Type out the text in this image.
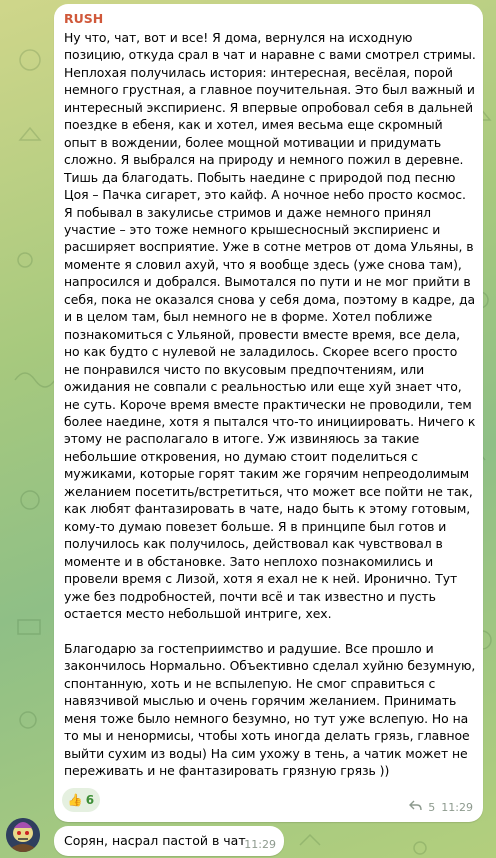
RUSH
Ну что, чат, вот и все! Я дома, вернулся на исходную позицию, откуда срал в чат и наравне с вами смотрел стримы. Неплохая получилась история: интересная, весёлая, порой немного грустная, а главное поучительная. Это был важный и интересный экспириенс. Я впервые опробовал себя в дальней поездке в ебеня, как и хотел, имея весьма еще скромный опыт в вождении, более мощной мотивации и придумать сложно. Я выбрался на природу и немного пожил в деревне. Тишь да благодать. Побыть наедине с природой под песню Цоя – Пачка сигарет, это кайф. А ночное небо просто космос. Я побывал в закулисье стримов и даже немного принял участие – это тоже немного крышесносный экспириенс и расширяет восприятие. Уже в сотне метров от дома Ульяны, в моменте я словил ахуй, что я вообще здесь (уже снова там), напросился и добрался. Вымотался по пути и не мог прийти в себя, пока не оказался снова у себя дома, поэтому в кадре, да и в целом там, был немного не в форме. Хотел поближе познакомиться с Ульяной, провести вместе время, все дела, но как будто с нулевой не заладилось. Скорее всего просто не понравился чисто по вкусовым предпочтениям, или ожидания не совпали с реальностью или еще хуй знает что, не суть. Короче время вместе практически не проводили, тем более наедине, хотя я пытался что-то инициировать. Ничего к этому не располагало в итоге. Уж извиняюсь за такие небольшие откровения, но думаю стоит поделиться с мужиками, которые горят таким же горячим непреодолимым желанием посетить/встретиться, что может все пойти не так, как любят фантазировать в чате, надо быть к этому готовым, кому-то думаю повезет больше. Я в принципе был готов и получилось как получилось, действовал как чувствовал в моменте и в обстановке. Зато неплохо познакомились и провели время с Лизой, хотя я ехал не к ней. Иронично. Тут уже без подробностей, почти всё и так известно и пусть остается место небольшой интриге, хех.

Благодарю за гостеприимство и радушие. Все прошло и закончилось Нормально. Объективно сделал хуйню безумную, спонтанную, хоть и не вспылепую. Не смог справиться с навязчивой мыслью и очень горячим желанием. Принимать меня тоже было немного безумно, но тут уже вслепую. Но на то мы и ненормисы, чтобы хоть иногда делать грязь, главное выйти сухим из воды) На сим ухожу в тень, а чатик может не переживать и не фантазировать грязную грязь ))
👍 6	5 11:29
Сорян, насрал пастой в чат
11:29
